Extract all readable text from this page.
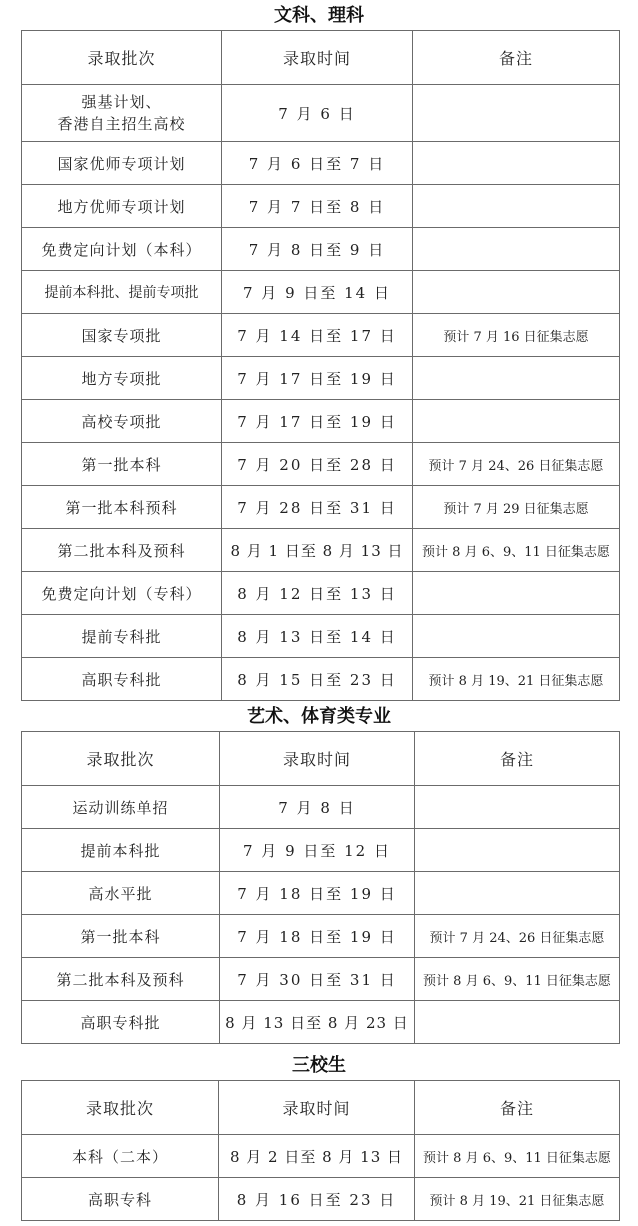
文科、理科
录取批次	录取时间	备注
强基计划、
香港自主招生高校	7 月 6 日	
国家优师专项计划	7 月 6 日至 7 日	
地方优师专项计划	7 月 7 日至 8 日	
免费定向计划（本科）	7 月 8 日至 9 日	
提前本科批、提前专项批	7 月 9 日至 14 日	
国家专项批	7 月 14 日至 17 日	预计 7 月 16 日征集志愿
地方专项批	7 月 17 日至 19 日	
高校专项批	7 月 17 日至 19 日	
第一批本科	7 月 20 日至 28 日	预计 7 月 24、26 日征集志愿
第一批本科预科	7 月 28 日至 31 日	预计 7 月 29 日征集志愿
第二批本科及预科	8 月 1 日至 8 月 13 日	预计 8 月 6、9、11 日征集志愿
免费定向计划（专科）	8 月 12 日至 13 日	
提前专科批	8 月 13 日至 14 日	
高职专科批	8 月 15 日至 23 日	预计 8 月 19、21 日征集志愿
艺术、体育类专业
录取批次	录取时间	备注
运动训练单招	7 月 8 日	
提前本科批	7 月 9 日至 12 日	
高水平批	7 月 18 日至 19 日	
第一批本科	7 月 18 日至 19 日	预计 7 月 24、26 日征集志愿
第二批本科及预科	7 月 30 日至 31 日	预计 8 月 6、9、11 日征集志愿
高职专科批	8 月 13 日至 8 月 23 日	
三校生
录取批次	录取时间	备注
本科（二本）	8 月 2 日至 8 月 13 日	预计 8 月 6、9、11 日征集志愿
高职专科	8 月 16 日至 23 日	预计 8 月 19、21 日征集志愿
